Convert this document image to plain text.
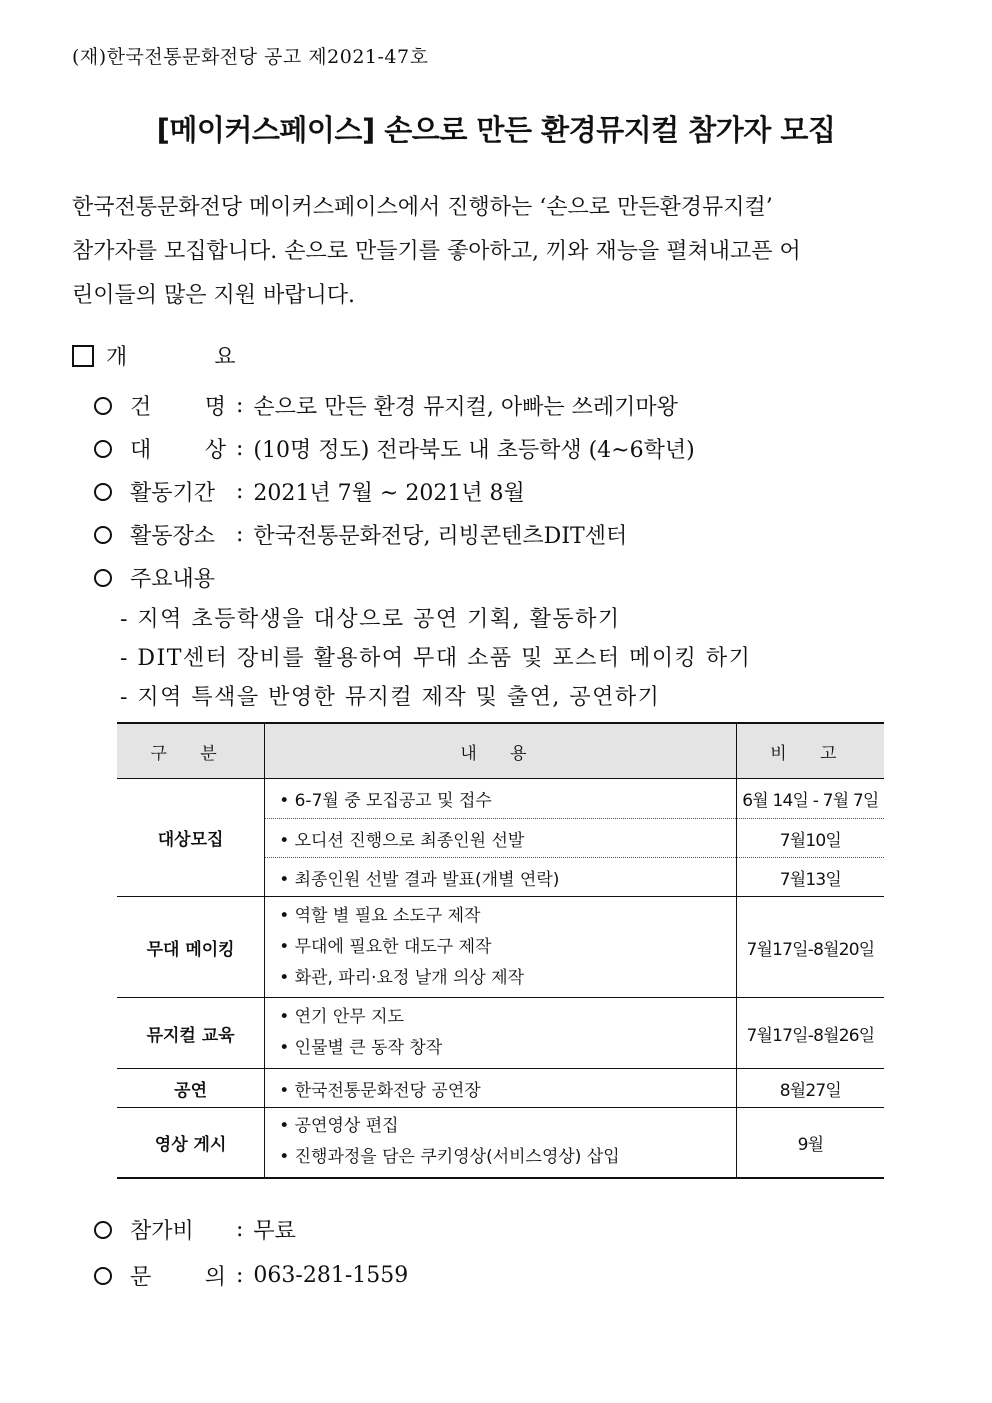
(재)한국전통문화전당 공고 제2021-47호
[메이커스페이스] 손으로 만든 환경뮤지컬 참가자 모집

한국전통문화전당 메이커스페이스에서 진행하는 ‘손으로 만든환경뮤지컬’

참가자를 모집합니다. 손으로 만들기를 좋아하고, 끼와 재능을 펼쳐내고픈 어

린이들의 많은 지원 바랍니다.

개 요
건 명 : 손으로 만든 환경 뮤지컬, 아빠는 쓰레기마왕
대 상 : (10명 정도) 전라북도 내 초등학생 (4~6학년)
활동기간 : 2021년 7월 ~ 2021년 8월
활동장소 : 한국전통문화전당, 리빙콘텐츠DIT센터
주요내용
- 지역 초등학생을 대상으로 공연 기획, 활동하기
- DIT센터 장비를 활용하여 무대 소품 및 포스터 메이킹 하기
- 지역 특색을 반영한 뮤지컬 제작 및 출연, 공연하기
구 분	내 용	비 고
대상모집	• 6-7월 중 모집공고 및 접수	6월 14일 - 7월 7일
	• 오디션 진행으로 최종인원 선발	7월10일
	• 최종인원 선발 결과 발표(개별 연락)	7월13일
무대 메이킹	• 역할 별 필요 소도구 제작
• 무대에 필요한 대도구 제작
• 화관, 파리·요정 날개 의상 제작	7월17일-8월20일
뮤지컬 교육	• 연기 안무 지도
• 인물별 큰 동작 창작	7월17일-8월26일
공연	• 한국전통문화전당 공연장	8월27일
영상 게시	• 공연영상 편집
• 진행과정을 담은 쿠키영상(서비스영상) 삽입	9월
참가비	: 무료
문 의 : 063-281-1559
